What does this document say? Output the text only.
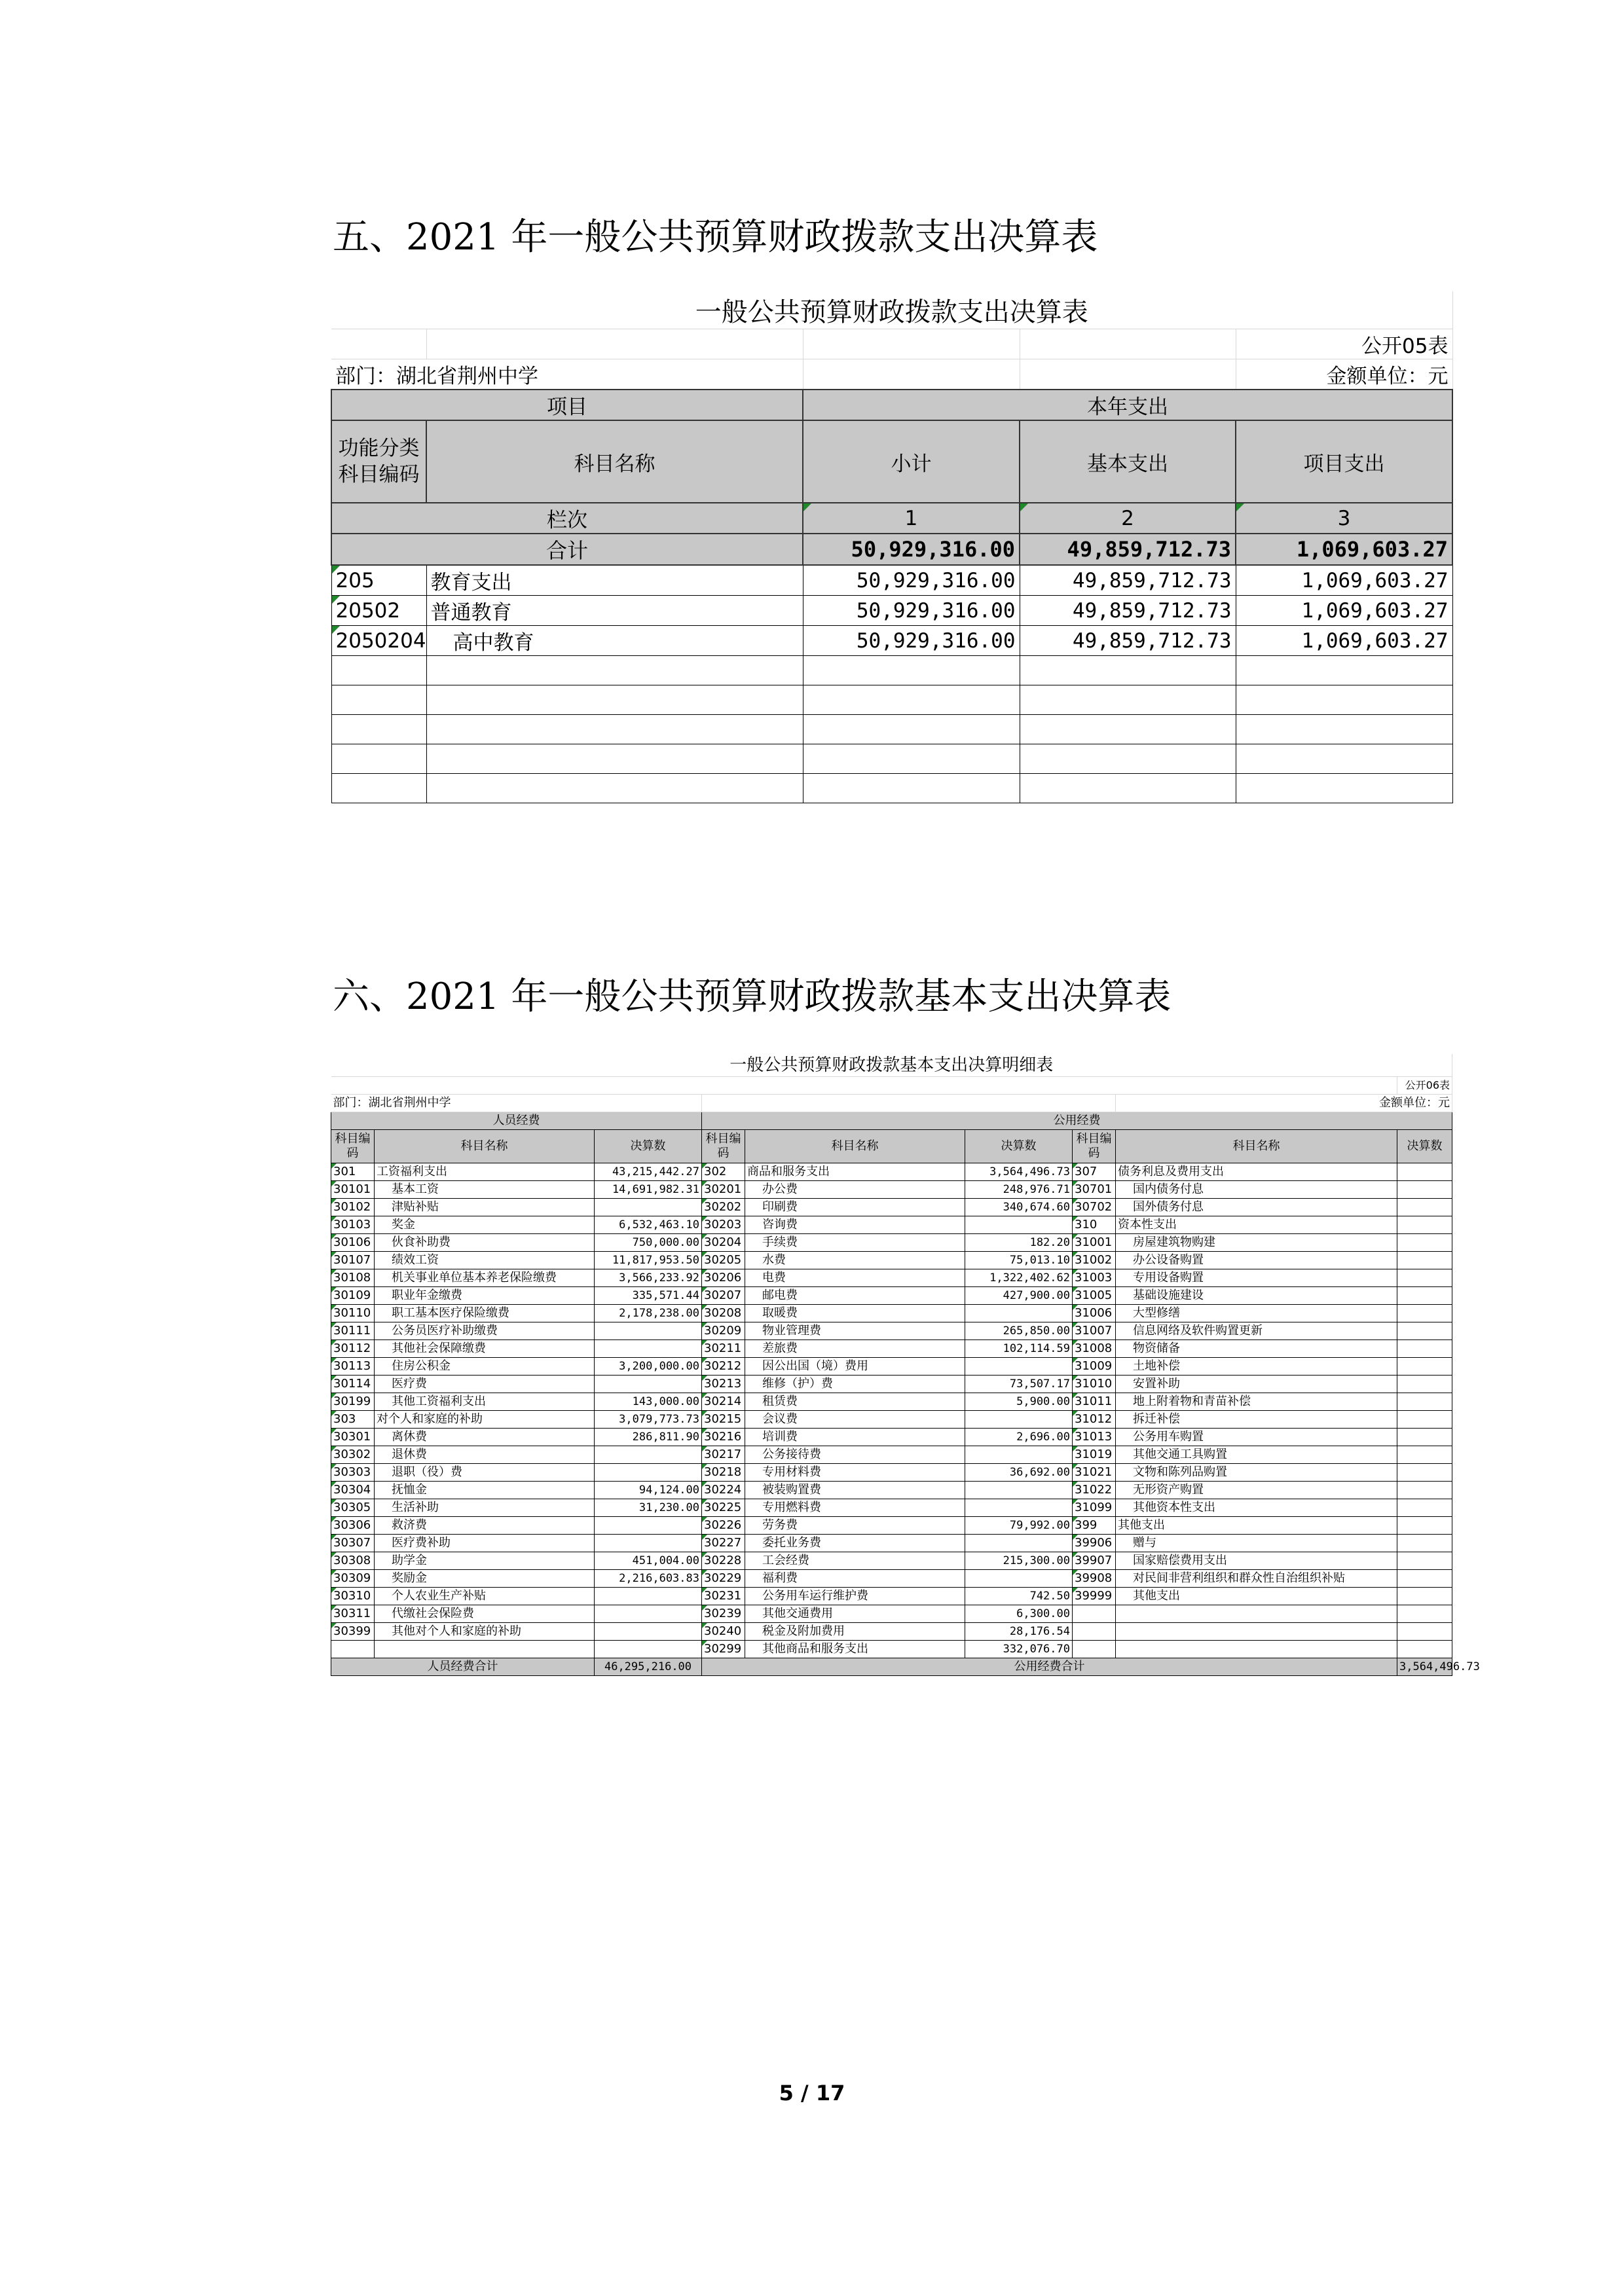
五、2021 年一般公共预算财政拨款支出决算表
一般公共预算财政拨款支出决算表				
				公开05表
部门：湖北省荆州中学				金额单位：元
项目		本年支出		
功能分类科目编码	科目名称	小计	基本支出	项目支出
栏次		1	2	3
合计		50,929,316.00	49,859,712.73	1,069,603.27
205	教育支出	50,929,316.00	49,859,712.73	1,069,603.27
20502	普通教育	50,929,316.00	49,859,712.73	1,069,603.27
2050204	高中教育	50,929,316.00	49,859,712.73	1,069,603.27

六、2021 年一般公共预算财政拨款基本支出决算表
一般公共预算财政拨款基本支出决算明细表								
								公开06表
部门：湖北省荆州中学							金额单位：元	
人员经费			公用经费					
科目编码	科目名称	决算数	科目编码	科目名称	决算数	科目编码	科目名称	决算数
301	工资福利支出	43,215,442.27	302	商品和服务支出	3,564,496.73	307	债务利息及费用支出	
30101	基本工资	14,691,982.31	30201	办公费	248,976.71	30701	国内债务付息	
30102	津贴补贴		30202	印刷费	340,674.60	30702	国外债务付息	
30103	奖金	6,532,463.10	30203	咨询费		310	资本性支出	
30106	伙食补助费	750,000.00	30204	手续费	182.20	31001	房屋建筑物购建	
30107	绩效工资	11,817,953.50	30205	水费	75,013.10	31002	办公设备购置	
30108	机关事业单位基本养老保险缴费	3,566,233.92	30206	电费	1,322,402.62	31003	专用设备购置	
30109	职业年金缴费	335,571.44	30207	邮电费	427,900.00	31005	基础设施建设	
30110	职工基本医疗保险缴费	2,178,238.00	30208	取暖费		31006	大型修缮	
30111	公务员医疗补助缴费		30209	物业管理费	265,850.00	31007	信息网络及软件购置更新	
30112	其他社会保障缴费		30211	差旅费	102,114.59	31008	物资储备	
30113	住房公积金	3,200,000.00	30212	因公出国（境）费用		31009	土地补偿	
30114	医疗费		30213	维修（护）费	73,507.17	31010	安置补助	
30199	其他工资福利支出	143,000.00	30214	租赁费	5,900.00	31011	地上附着物和青苗补偿	
303	对个人和家庭的补助	3,079,773.73	30215	会议费		31012	拆迁补偿	
30301	离休费	286,811.90	30216	培训费	2,696.00	31013	公务用车购置	
30302	退休费		30217	公务接待费		31019	其他交通工具购置	
30303	退职（役）费		30218	专用材料费	36,692.00	31021	文物和陈列品购置	
30304	抚恤金	94,124.00	30224	被装购置费		31022	无形资产购置	
30305	生活补助	31,230.00	30225	专用燃料费		31099	其他资本性支出	
30306	救济费		30226	劳务费	79,992.00	399	其他支出	
30307	医疗费补助		30227	委托业务费		39906	赠与	
30308	助学金	451,004.00	30228	工会经费	215,300.00	39907	国家赔偿费用支出	
30309	奖励金	2,216,603.83	30229	福利费		39908	对民间非营利组织和群众性自治组织补贴	
30310	个人农业生产补贴		30231	公务用车运行维护费	742.50	39999	其他支出	
30311	代缴社会保险费		30239	其他交通费用	6,300.00			
30399	其他对个人和家庭的补助		30240	税金及附加费用	28,176.54			
			30299	其他商品和服务支出	332,076.70			
人员经费合计		46,295,216.00	公用经费合计					3,564,496.73
5 / 17
